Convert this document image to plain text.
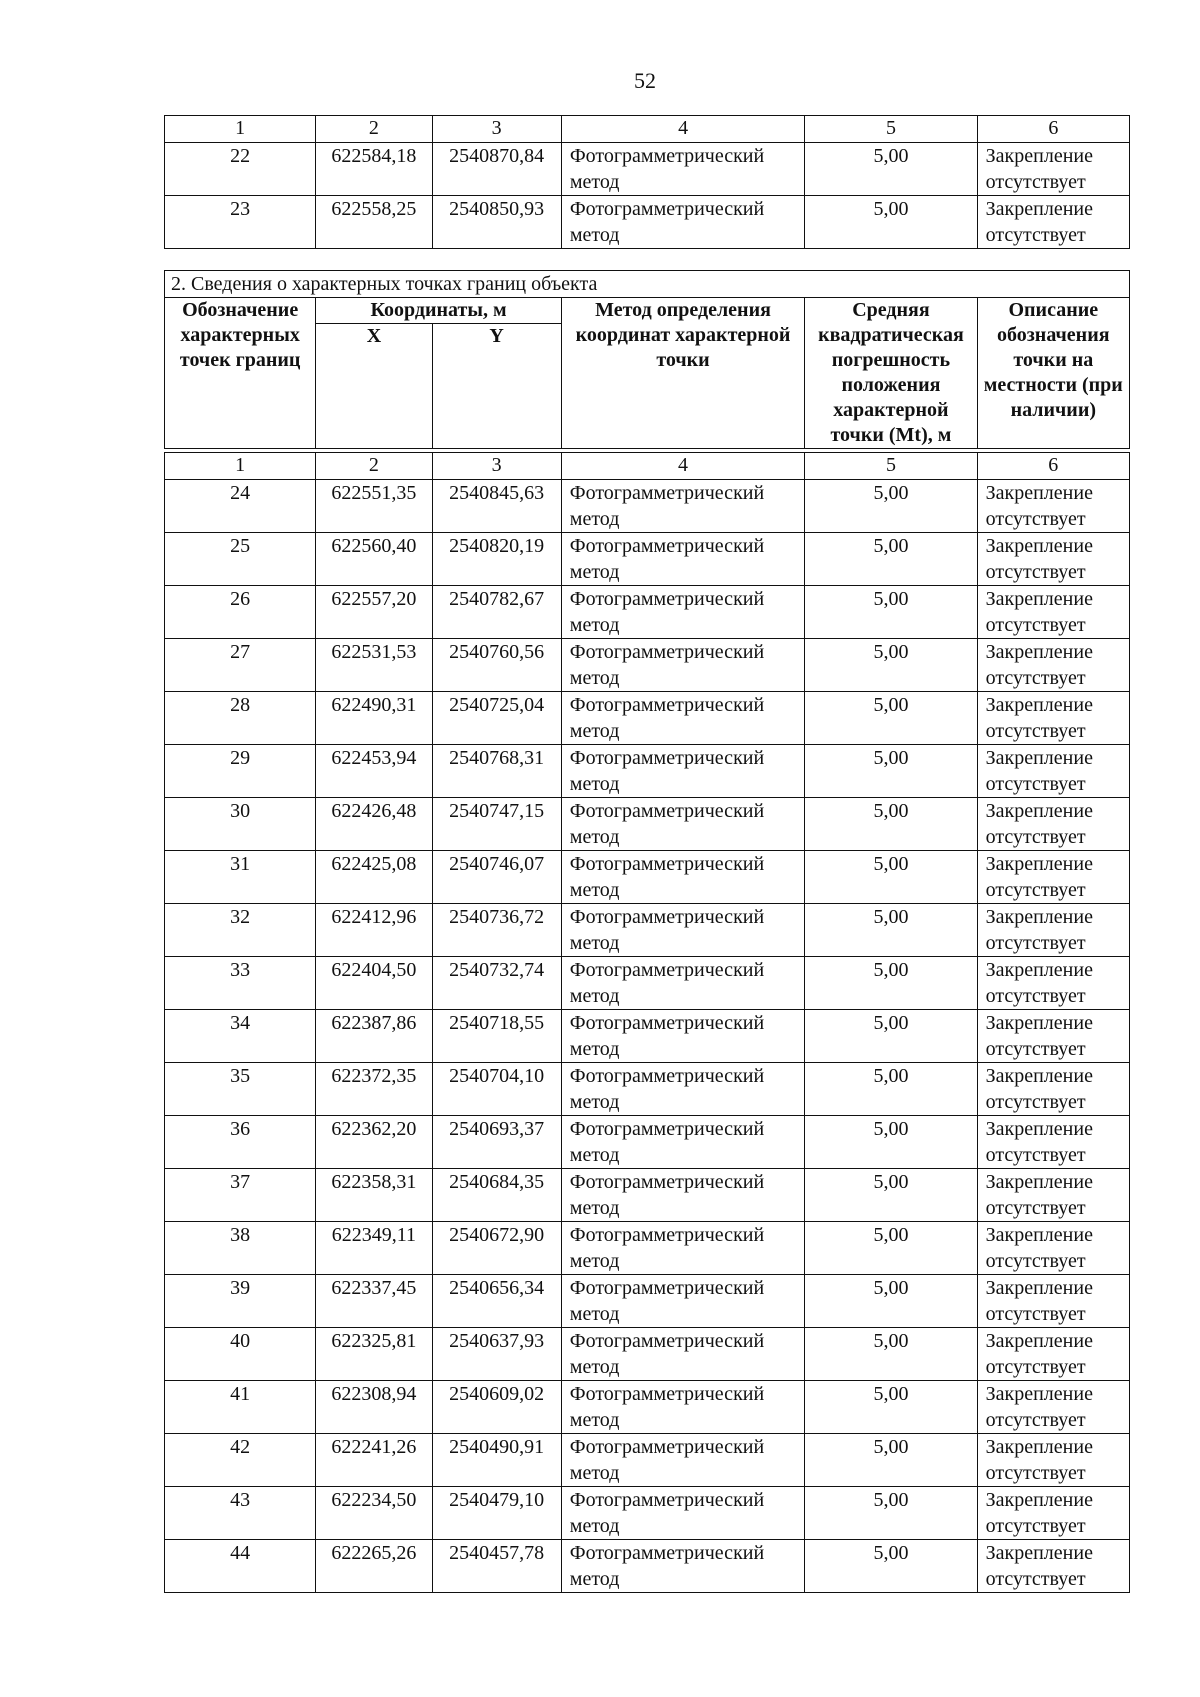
52
1	2	3	4	5	6
22	622584,18	2540870,84	Фотограмметрический метод	5,00	Закрепление отсутствует
23	622558,25	2540850,93	Фотограмметрический метод	5,00	Закрепление отсутствует
2. Сведения о характерных точках границ объекта					
Обозначение характерных точек границ	Координаты, м		Метод определения координат характерной точки	Средняя квадратическая погрешность положения характерной точки (Mt), м	Описание обозначения точки на местности (при наличии)
	X	Y			

1	2	3	4	5	6
24	622551,35	2540845,63	Фотограмметрический метод	5,00	Закрепление отсутствует
25	622560,40	2540820,19	Фотограмметрический метод	5,00	Закрепление отсутствует
26	622557,20	2540782,67	Фотограмметрический метод	5,00	Закрепление отсутствует
27	622531,53	2540760,56	Фотограмметрический метод	5,00	Закрепление отсутствует
28	622490,31	2540725,04	Фотограмметрический метод	5,00	Закрепление отсутствует
29	622453,94	2540768,31	Фотограмметрический метод	5,00	Закрепление отсутствует
30	622426,48	2540747,15	Фотограмметрический метод	5,00	Закрепление отсутствует
31	622425,08	2540746,07	Фотограмметрический метод	5,00	Закрепление отсутствует
32	622412,96	2540736,72	Фотограмметрический метод	5,00	Закрепление отсутствует
33	622404,50	2540732,74	Фотограмметрический метод	5,00	Закрепление отсутствует
34	622387,86	2540718,55	Фотограмметрический метод	5,00	Закрепление отсутствует
35	622372,35	2540704,10	Фотограмметрический метод	5,00	Закрепление отсутствует
36	622362,20	2540693,37	Фотограмметрический метод	5,00	Закрепление отсутствует
37	622358,31	2540684,35	Фотограмметрический метод	5,00	Закрепление отсутствует
38	622349,11	2540672,90	Фотограмметрический метод	5,00	Закрепление отсутствует
39	622337,45	2540656,34	Фотограмметрический метод	5,00	Закрепление отсутствует
40	622325,81	2540637,93	Фотограмметрический метод	5,00	Закрепление отсутствует
41	622308,94	2540609,02	Фотограмметрический метод	5,00	Закрепление отсутствует
42	622241,26	2540490,91	Фотограмметрический метод	5,00	Закрепление отсутствует
43	622234,50	2540479,10	Фотограмметрический метод	5,00	Закрепление отсутствует
44	622265,26	2540457,78	Фотограмметрический метод	5,00	Закрепление отсутствует
